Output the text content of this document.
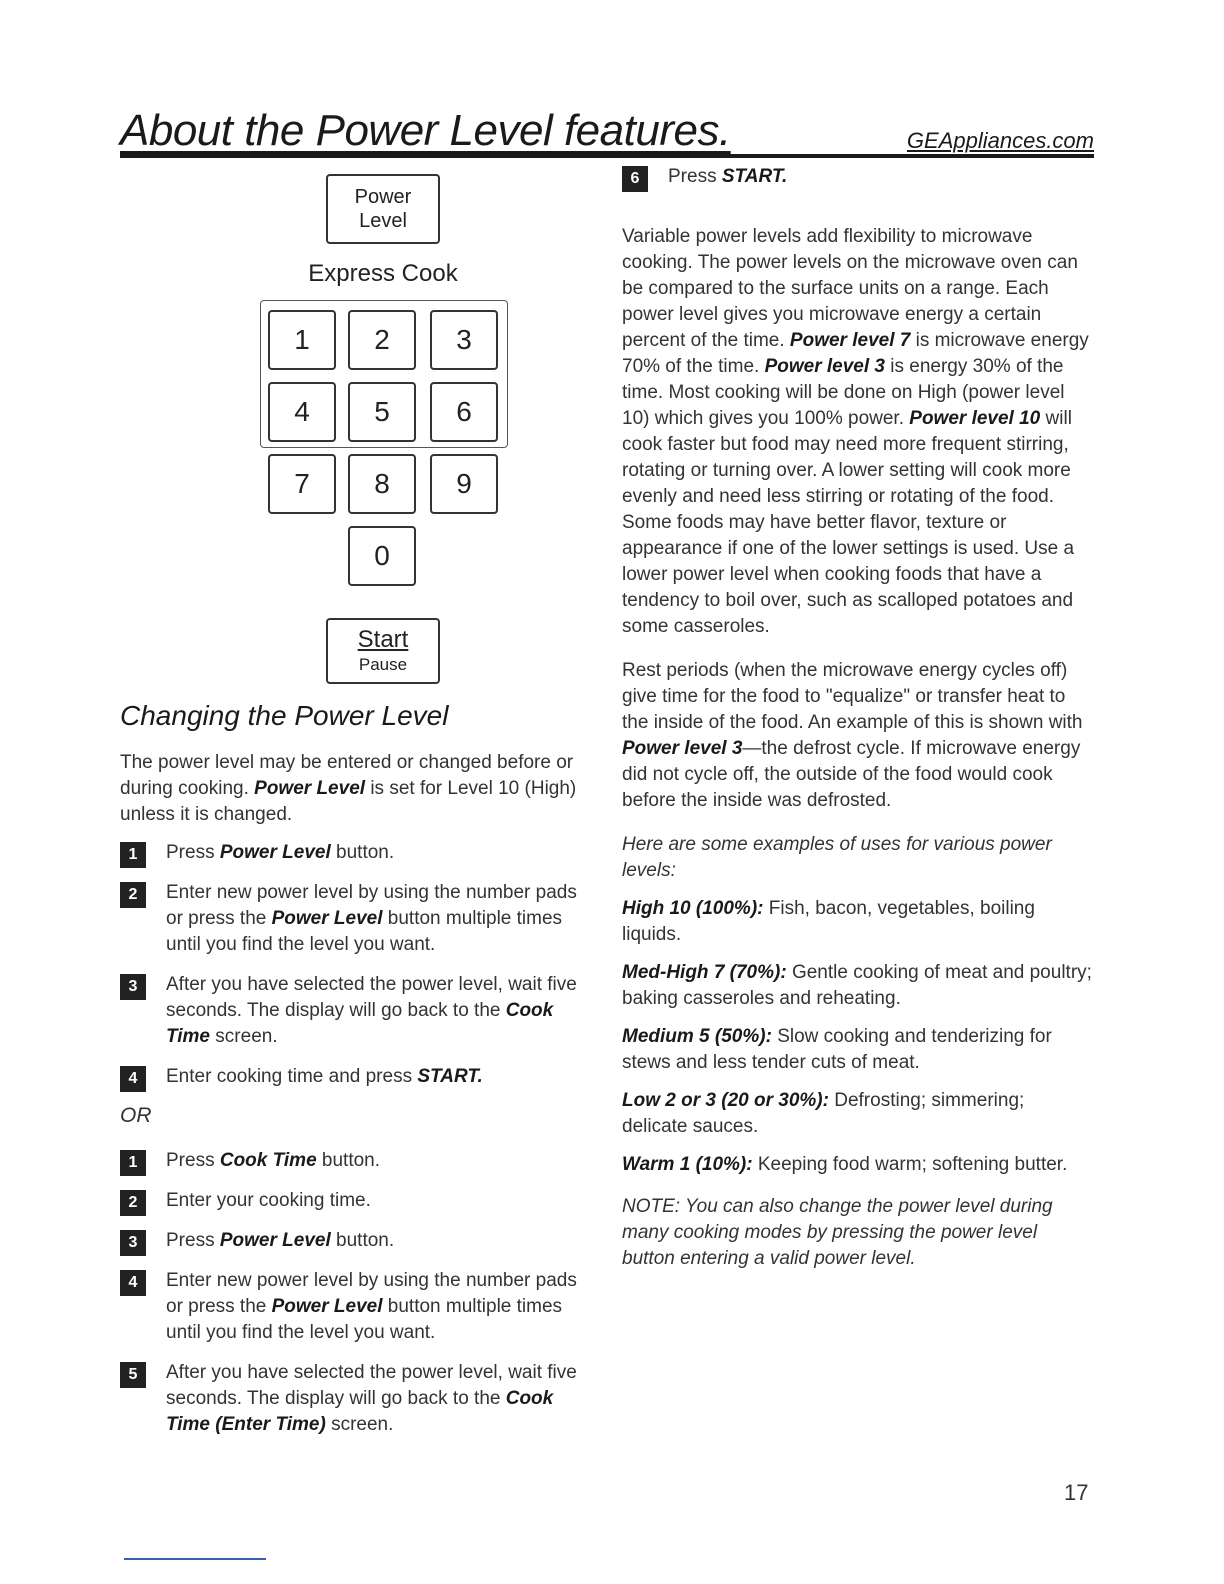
About the Power Level features.	GEAppliances.com
Power
Level
Express Cook
1	2	3
4	5	6
7	8	9
0
Start
Pause
Changing the Power Level

The power level may be entered or changed before or during cooking. Power Level is set for Level 10 (High) unless it is changed.

1	Press Power Level button.
2	Enter new power level by using the number pads or press the Power Level button multiple times until you find the level you want.
3	After you have selected the power level, wait five seconds. The display will go back to the Cook Time screen.
4	Enter cooking time and press START.
OR
1	Press Cook Time button.
2	Enter your cooking time.
3	Press Power Level button.
4	Enter new power level by using the number pads or press the Power Level button multiple times until you find the level you want.
5	After you have selected the power level, wait five seconds. The display will go back to the Cook Time (Enter Time) screen.
6	Press START.

Variable power levels add flexibility to microwave cooking. The power levels on the microwave oven can be compared to the surface units on a range. Each power level gives you microwave energy a certain percent of the time. Power level 7 is microwave energy 70% of the time. Power level 3 is energy 30% of the time. Most cooking will be done on High (power level 10) which gives you 100% power. Power level 10 will cook faster but food may need more frequent stirring, rotating or turning over. A lower setting will cook more evenly and need less stirring or rotating of the food. Some foods may have better flavor, texture or appearance if one of the lower settings is used. Use a lower power level when cooking foods that have a tendency to boil over, such as scalloped potatoes and some casseroles.

Rest periods (when the microwave energy cycles off) give time for the food to "equalize" or transfer heat to the inside of the food. An example of this is shown with Power level 3—the defrost cycle. If microwave energy did not cycle off, the outside of the food would cook before the inside was defrosted.

Here are some examples of uses for various power levels:

High 10 (100%): Fish, bacon, vegetables, boiling liquids.

Med-High 7 (70%): Gentle cooking of meat and poultry; baking casseroles and reheating.

Medium 5 (50%): Slow cooking and tenderizing for stews and less tender cuts of meat.

Low 2 or 3 (20 or 30%): Defrosting; simmering; delicate sauces.

Warm 1 (10%): Keeping food warm; softening butter.

NOTE: You can also change the power level during many cooking modes by pressing the power level button entering a valid power level.

17
